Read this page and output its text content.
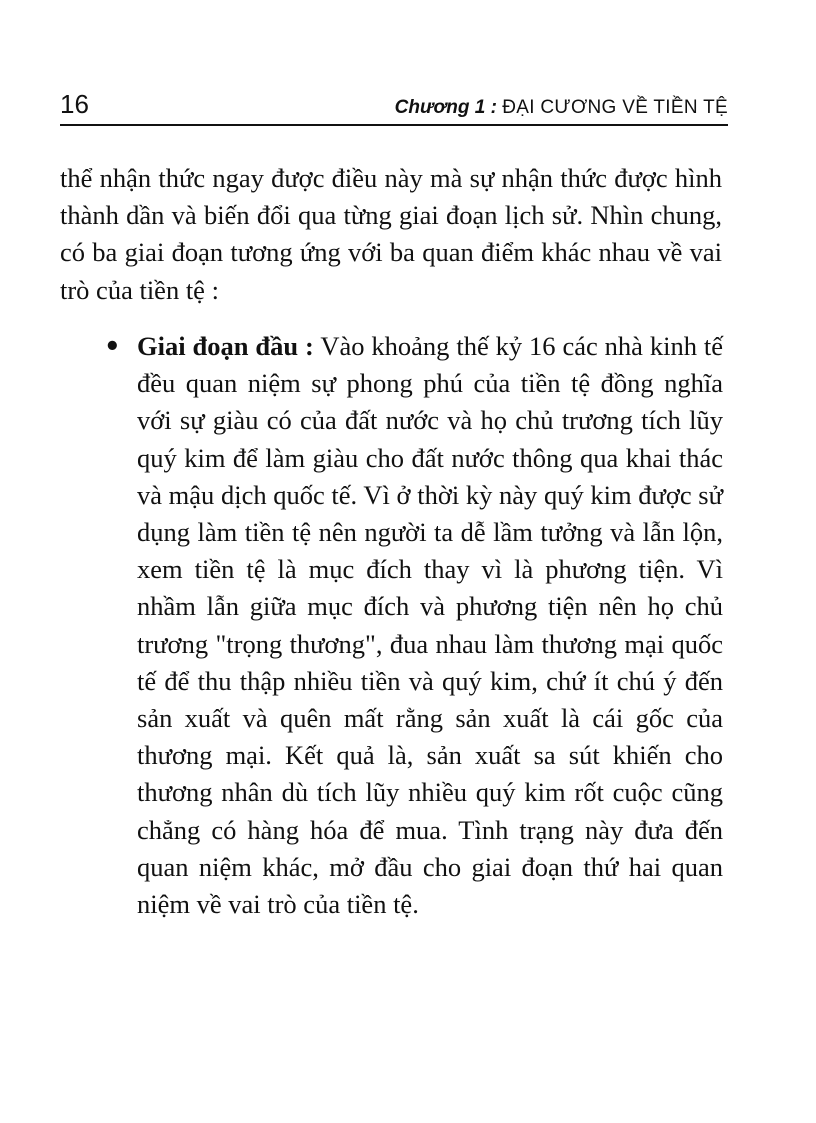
16	Chương 1 : ĐẠI CƯƠNG VỀ TIỀN TỆ

thể nhận thức ngay được điều này mà sự nhận thức được hình thành dần và biến đổi qua từng giai đoạn lịch sử. Nhìn chung, có ba giai đoạn tương ứng với ba quan điểm khác nhau về vai trò của tiền tệ :

• Giai đoạn đầu : Vào khoảng thế kỷ 16 các nhà kinh tế đều quan niệm sự phong phú của tiền tệ đồng nghĩa với sự giàu có của đất nước và họ chủ trương tích lũy quý kim để làm giàu cho đất nước thông qua khai thác và mậu dịch quốc tế. Vì ở thời kỳ này quý kim được sử dụng làm tiền tệ nên người ta dễ lầm tưởng và lẫn lộn, xem tiền tệ là mục đích thay vì là phương tiện. Vì nhầm lẫn giữa mục đích và phương tiện nên họ chủ trương "trọng thương", đua nhau làm thương mại quốc tế để thu thập nhiều tiền và quý kim, chứ ít chú ý đến sản xuất và quên mất rằng sản xuất là cái gốc của thương mại. Kết quả là, sản xuất sa sút khiến cho thương nhân dù tích lũy nhiều quý kim rốt cuộc cũng chẳng có hàng hóa để mua. Tình trạng này đưa đến quan niệm khác, mở đầu cho giai đoạn thứ hai quan niệm về vai trò của tiền tệ.
